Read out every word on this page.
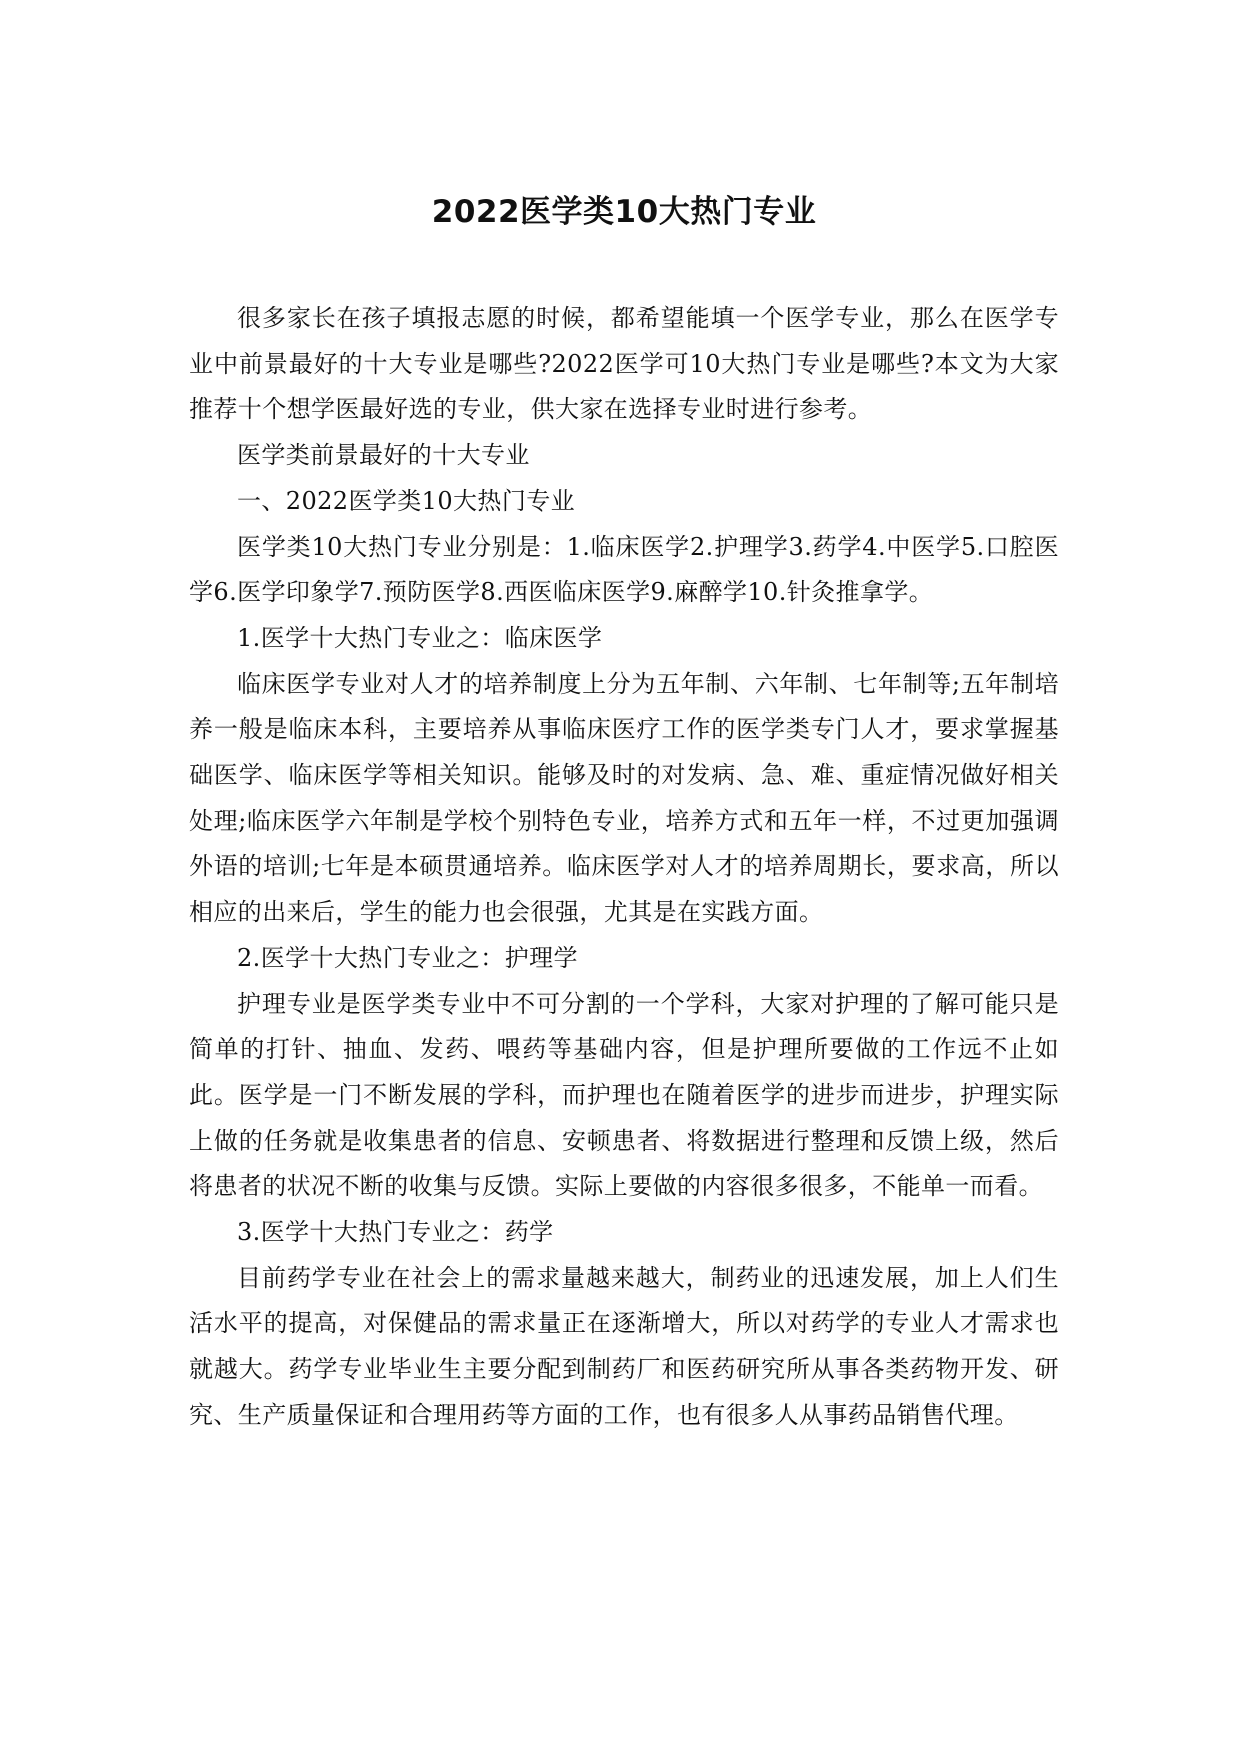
2022医学类10大热门专业

很多家长在孩子填报志愿的时候，都希望能填一个医学专业，那么在医学专业中前景最好的十大专业是哪些?2022医学可10大热门专业是哪些?本文为大家推荐十个想学医最好选的专业，供大家在选择专业时进行参考。

医学类前景最好的十大专业

一、2022医学类10大热门专业

医学类10大热门专业分别是：1.临床医学2.护理学3.药学4.中医学5.口腔医学6.医学印象学7.预防医学8.西医临床医学9.麻醉学10.针灸推拿学。

1.医学十大热门专业之：临床医学

临床医学专业对人才的培养制度上分为五年制、六年制、七年制等;五年制培养一般是临床本科，主要培养从事临床医疗工作的医学类专门人才，要求掌握基础医学、临床医学等相关知识。能够及时的对发病、急、难、重症情况做好相关处理;临床医学六年制是学校个别特色专业，培养方式和五年一样，不过更加强调外语的培训;七年是本硕贯通培养。临床医学对人才的培养周期长，要求高，所以相应的出来后，学生的能力也会很强，尤其是在实践方面。

2.医学十大热门专业之：护理学

护理专业是医学类专业中不可分割的一个学科，大家对护理的了解可能只是简单的打针、抽血、发药、喂药等基础内容，但是护理所要做的工作远不止如此。医学是一门不断发展的学科，而护理也在随着医学的进步而进步，护理实际上做的任务就是收集患者的信息、安顿患者、将数据进行整理和反馈上级，然后将患者的状况不断的收集与反馈。实际上要做的内容很多很多，不能单一而看。

3.医学十大热门专业之：药学

目前药学专业在社会上的需求量越来越大，制药业的迅速发展，加上人们生活水平的提高，对保健品的需求量正在逐渐增大，所以对药学的专业人才需求也就越大。药学专业毕业生主要分配到制药厂和医药研究所从事各类药物开发、研究、生产质量保证和合理用药等方面的工作，也有很多人从事药品销售代理。
